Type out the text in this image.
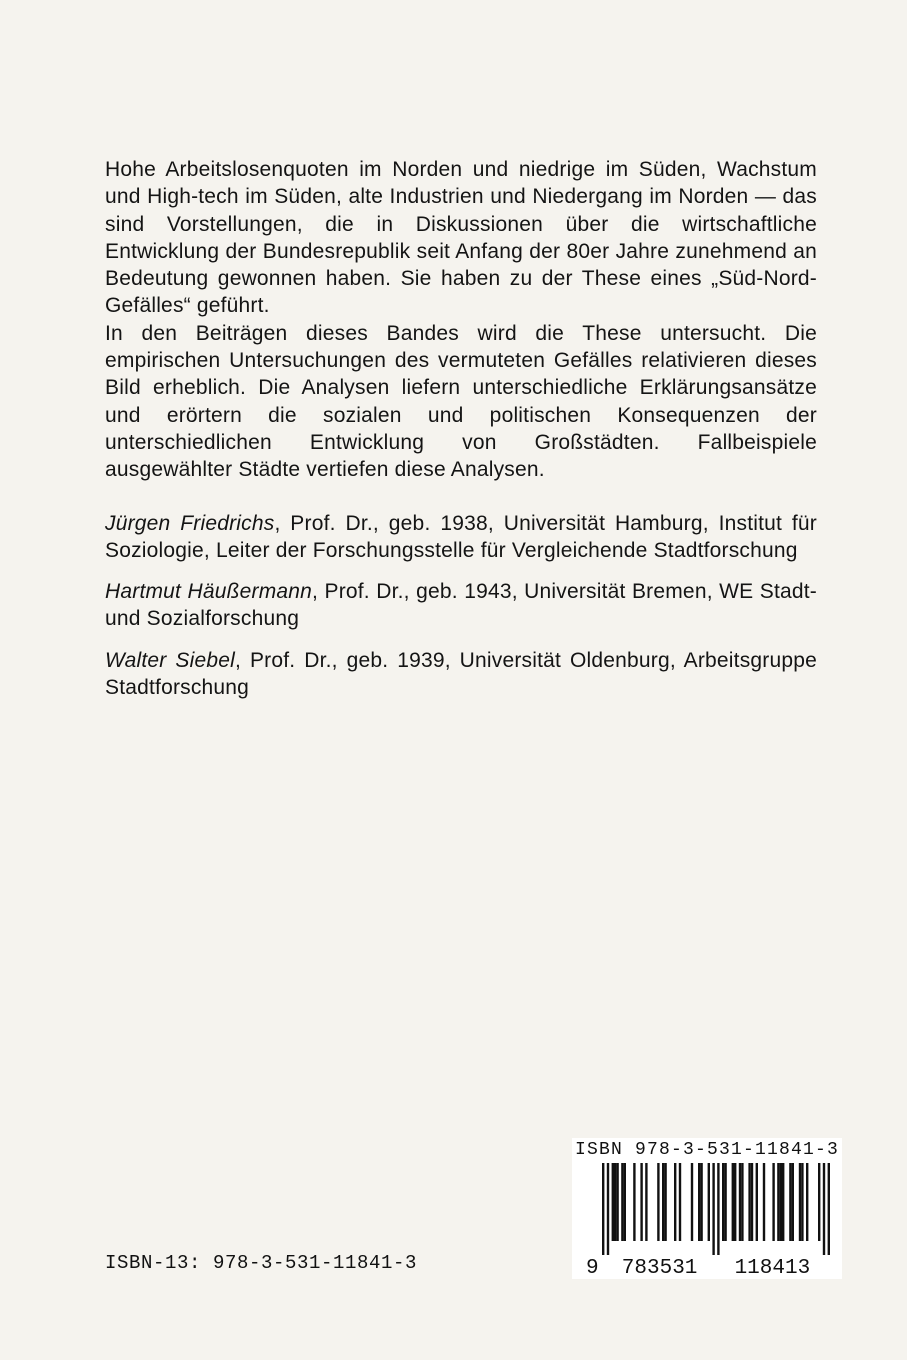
Hohe Arbeitslosenquoten im Norden und niedrige im Süden, Wachstum und High-tech im Süden, alte Industrien und Niedergang im Norden — das sind Vorstellungen, die in Diskussionen über die wirtschaftliche Entwicklung der Bundesrepublik seit Anfang der 80er Jahre zunehmend an Bedeutung gewonnen haben. Sie haben zu der These eines „Süd-Nord-Gefälles“ geführt.

In den Beiträgen dieses Bandes wird die These untersucht. Die empirischen Untersuchungen des vermuteten Gefälles relativieren dieses Bild erheblich. Die Analysen liefern unterschiedliche Erklärungsansätze und erörtern die sozialen und politischen Konsequenzen der unterschiedlichen Entwicklung von Großstädten. Fallbeispiele ausgewählter Städte vertiefen diese Analysen.

Jürgen Friedrichs, Prof. Dr., geb. 1938, Universität Hamburg, Institut für Soziologie, Leiter der Forschungsstelle für Vergleichende Stadtforschung

Hartmut Häußermann, Prof. Dr., geb. 1943, Universität Bremen, WE Stadt- und Sozialforschung

Walter Siebel, Prof. Dr., geb. 1939, Universität Oldenburg, Arbeitsgruppe Stadtforschung

ISBN-13: 978-3-531-11841-3
ISBN 978-3-531-11841-3
9 783531 118413
